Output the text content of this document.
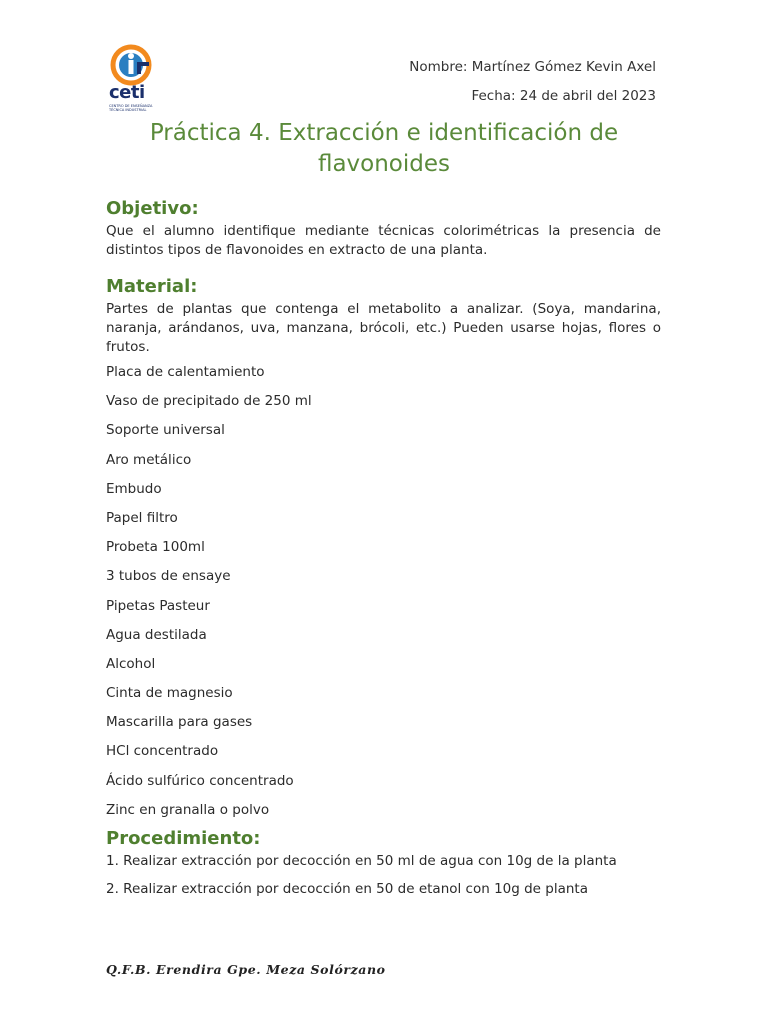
ceti
CENTRO DE ENSEÑANZA TÉCNICA INDUSTRIAL
Nombre: Martínez Gómez Kevin Axel
Fecha: 24 de abril del 2023
Práctica 4. Extracción e identificación de flavonoides
Objetivo:

Que el alumno identifique mediante técnicas colorimétricas la presencia de distintos tipos de flavonoides en extracto de una planta.

Material:

Partes de plantas que contenga el metabolito a analizar. (Soya, mandarina, naranja, arándanos, uva, manzana, brócoli, etc.) Pueden usarse hojas, flores o frutos.

Placa de calentamiento
Vaso de precipitado de 250 ml
Soporte universal
Aro metálico
Embudo
Papel filtro
Probeta 100ml
3 tubos de ensaye
Pipetas Pasteur
Agua destilada
Alcohol
Cinta de magnesio
Mascarilla para gases
HCl concentrado
Ácido sulfúrico concentrado
Zinc en granalla o polvo
Procedimiento:
1. Realizar extracción por decocción en 50 ml de agua con 10g de la planta
2. Realizar extracción por decocción en 50 de etanol con 10g de planta
Q.F.B. Erendira Gpe. Meza Solórzano
